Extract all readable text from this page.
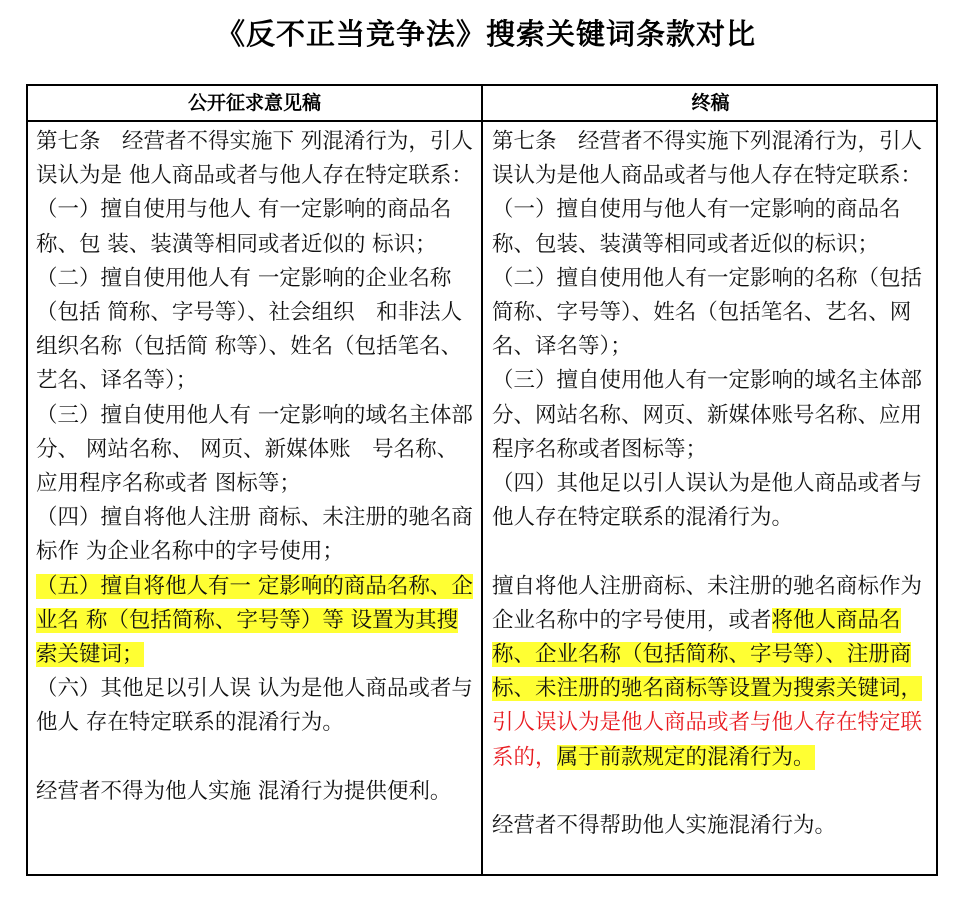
《反不正当竞争法》搜索关键词条款对比
公开征求意见稿	终稿

第七条　经营者不得实施下 列混淆行为，引人误认为是 他人商品或者与他人存在特定联系：

（一）擅自使用与他人 有一定影响的商品名称、包 装、装潢等相同或者近似的 标识；

（二）擅自使用他人有 一定影响的企业名称（包括 简称、字号等）、社会组织　和非法人组织名称（包括简 称等）、姓名（包括笔名、 艺名、译名等）；

（三）擅自使用他人有 一定影响的域名主体部分、 网站名称、 网页、新媒体账　号名称、应用程序名称或者 图标等；

（四）擅自将他人注册 商标、未注册的驰名商标作 为企业名称中的字号使用；

（五）擅自将他人有一 定影响的商品名称、企业名 称（包括简称、字号等）等 设置为其搜索关键词；

（六）其他足以引人误 认为是他人商品或者与他人 存在特定联系的混淆行为。

经营者不得为他人实施 混淆行为提供便利。

第七条　经营者不得实施下列混淆行为，引人误认为是他人商品或者与他人存在特定联系：

（一）擅自使用与他人有一定影响的商品名称、包装、装潢等相同或者近似的标识；

（二）擅自使用他人有一定影响的名称（包括简称、字号等）、姓名（包括笔名、艺名、网名、译名等）；

（三）擅自使用他人有一定影响的域名主体部分、网站名称、网页、新媒体账号名称、应用程序名称或者图标等；

（四）其他足以引人误认为是他人商品或者与他人存在特定联系的混淆行为。

擅自将他人注册商标、未注册的驰名商标作为企业名称中的字号使用，或者将他人商品名称、企业名称（包括简称、字号等）、注册商标、未注册的驰名商标等设置为搜索关键词，引人误认为是他人商品或者与他人存在特定联系的，属于前款规定的混淆行为。

经营者不得帮助他人实施混淆行为。
